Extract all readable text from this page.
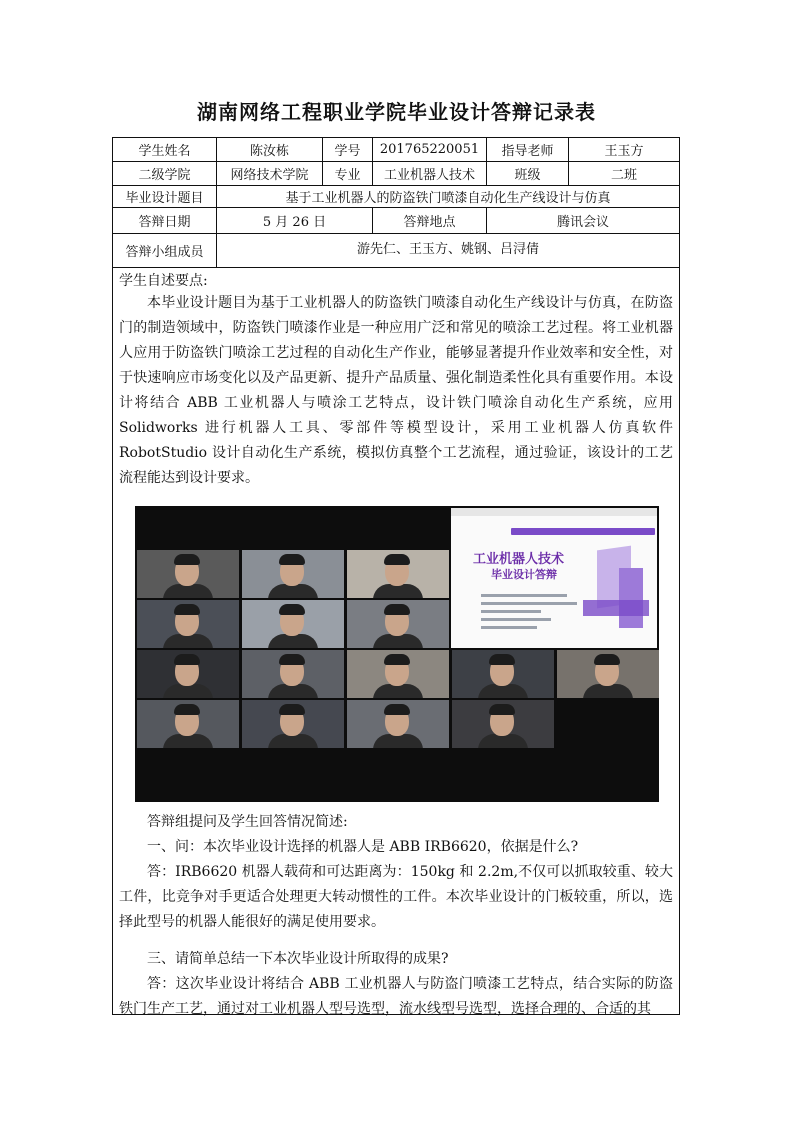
湖南网络工程职业学院毕业设计答辩记录表
学生姓名	陈汝栋	学号	201765220051	指导老师	王玉方
二级学院	网络技术学院	专业	工业机器人技术	班级	二班
毕业设计题目	基于工业机器人的防盗铁门喷漆自动化生产线设计与仿真
答辩日期	5 月 26 日	答辩地点	腾讯会议
答辩小组成员	游先仁、王玉方、姚钢、吕浔倩

学生自述要点:

本毕业设计题目为基于工业机器人的防盗铁门喷漆自动化生产线设计与仿真，在防盗门的制造领域中，防盗铁门喷漆作业是一种应用广泛和常见的喷涂工艺过程。将工业机器人应用于防盗铁门喷涂工艺过程的自动化生产作业，能够显著提升作业效率和安全性，对于快速响应市场变化以及产品更新、提升产品质量、强化制造柔性化具有重要作用。本设计将结合 ABB 工业机器人与喷涂工艺特点，设计铁门喷涂自动化生产系统，应用 Solidworks 进行机器人工具、零部件等模型设计，采用工业机器人仿真软件 RobotStudio 设计自动化生产系统，模拟仿真整个工艺流程，通过验证，该设计的工艺流程能达到设计要求。

工业机器人技术
毕业设计答辩

答辩组提问及学生回答情况简述:

一、问：本次毕业设计选择的机器人是 ABB IRB6620，依据是什么?

答：IRB6620 机器人载荷和可达距离为：150kg 和 2.2m,不仅可以抓取较重、较大工件，比竞争对手更适合处理更大转动惯性的工件。本次毕业设计的门板较重，所以，选择此型号的机器人能很好的满足使用要求。

三、请简单总结一下本次毕业设计所取得的成果?

答：这次毕业设计将结合 ABB 工业机器人与防盗门喷漆工艺特点，结合实际的防盗铁门生产工艺，通过对工业机器人型号选型，流水线型号选型，选择合理的、合适的其
